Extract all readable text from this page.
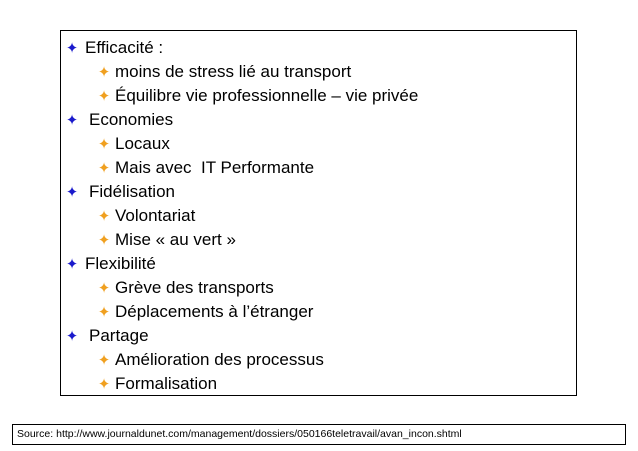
✦ Efficacité :
✦ moins de stress lié au transport
✦ Équilibre vie professionnelle – vie privée
✦ Economies
✦ Locaux
✦ Mais avec  IT Performante
✦ Fidélisation
✦ Volontariat
✦ Mise « au vert »
✦ Flexibilité
✦ Grève des transports
✦ Déplacements à l’étranger
✦ Partage
✦ Amélioration des processus
✦ Formalisation
Source: http://www.journaldunet.com/management/dossiers/050166teletravail/avan_incon.shtml
